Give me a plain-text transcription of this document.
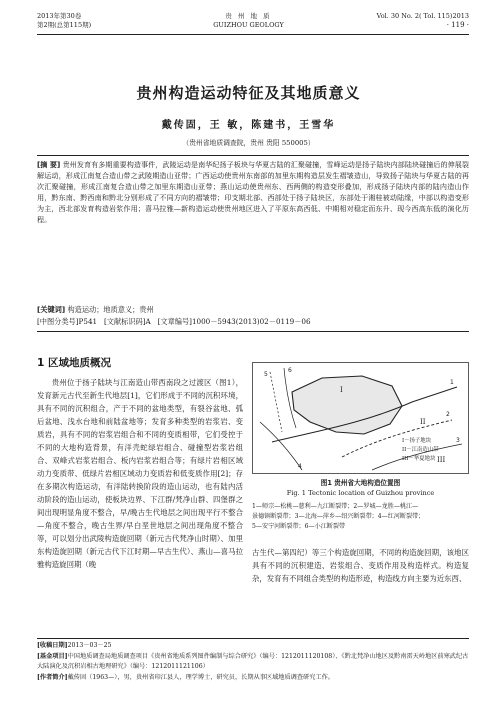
2013年第30卷
第2期(总第115期)
贵 州 地 质
GUIZHOU GEOLOGY
Vol. 30 No. 2( Tol. 115)2013
· 119 ·
贵州构造运动特征及其地质意义
戴传固，王 敏，陈建书，王雪华
（贵州省地质调查院，贵州 贵阳 550005）
[摘 要] 贵州发育有多期重要构造事件，武陵运动是南华纪扬子板块与华夏古陆的汇聚碰撞，雪峰运动是扬子陆块内部陆块碰撞后的伸展裂解运动，形成江南复合造山带之武陵期造山亚带；广西运动使贵州东南部的加里东期构造层发生褶皱造山，导致扬子陆块与华夏古陆的再次汇聚碰撞，形成江南复合造山带之加里东期造山亚带；燕山运动使贵州东、西两侧的构造变形叠加，形成扬子陆块内部的陆内造山作用，黔东南、黔西南和黔北分别形成了不同方向的褶皱带；印支期北部、西部处于扬子陆块区，东部处于湘桂被动陆缘，中部以构造变形为主，西北部发育构造岩浆作用；喜马拉雅—新构造运动使贵州地区进入了平原东高西低、中期相对稳定而东升、现今西高东低的演化历程。
[关键词] 构造运动；地质意义；贵州
[中图分类号]P541 [文献标识码]A [文章编号]1000－5943(2013)02－0119－06
1 区域地质概况

贵州位于扬子陆块与江南造山带西南段之过渡区（图1），发育新元古代至新生代地层[1]，它们形成于不同的沉积环境，具有不同的沉积组合，产于不同的盆地类型，有裂谷盆地、弧后盆地、浅水台地和前陆盆地等；发育多种类型的岩浆岩、变质岩，具有不同的岩浆岩组合和不同的变质相带，它们受控于不同的大地构造背景，有洋壳蛇绿岩组合、碰撞型岩浆岩组合、双峰式岩浆岩组合、板内岩浆岩组合等；有绿片岩相区域动力变质带、低绿片岩相区域动力变质岩和低变质作用[2]；存在多期次构造运动，有洋陆转换阶段的造山运动，也有陆内活动阶段的造山运动，使板块边界、下江群/梵净山群、四堡群之间出现明显角度不整合，早/晚古生代地层之间出现平行不整合—角度不整合，晚古生界/早白垩世地层之间出现角度不整合等，可以划分出武陵构造旋回期（新元古代梵净山时期）、加里东构造旋回期（新元古代下江时期—早古生代）、燕山—喜马拉雅构造旋回期（晚

I
II
III
1
2
3
4
5
6
I－扬子地块
II－江南造山带
III－华夏地块
图1 贵州省大地构造位置图
Fig. 1 Tectonic location of Guizhou province
1—师宗—松桃—慈利—九江断裂带；2—罗城—龙胜—桃江—
景德镇断裂带；3—北海—萍乡—绍兴断裂带；4—红河断裂带；
5—安宁河断裂带；6—小江断裂带

古生代—第四纪）等三个构造旋回期，不同的构造旋回期，该地区具有不同的沉积建造、岩浆组合、变质作用及构造样式。构造复杂，发育有不同组合类型的构造形迹，构造线方向主要为近东西、

[收稿日期]2013－03－25
[基金项目]中国地质调查局地质调查项目《贵州省地质系列图件编制与综合研究》（编号：1212011120108）、《黔北梵净山地区及黔南雷天岭地区前寒武纪古大陆演化及沉积岩相古地理研究》（编号：1212011121106）
[作者简介]戴传固（1963—），男，贵州省印江县人，理学博士，研究员，长期从事区域地质调查研究工作。
